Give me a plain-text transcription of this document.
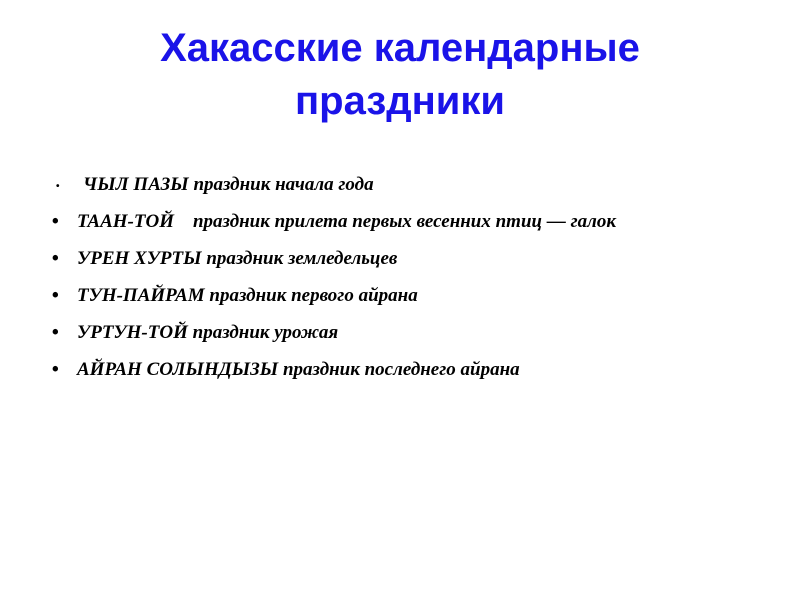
Хакасские календарные
праздники
• ЧЫЛ ПАЗЫ праздник начала года
• ТААН-ТОЙ праздник прилета первых весенних птиц — галок
• УРЕН ХУРТЫ праздник земледельцев
• ТУН-ПАЙРАМ праздник первого айрана
• УРТУН-ТОЙ праздник урожая
• АЙРАН СОЛЫНДЫЗЫ праздник последнего айрана
